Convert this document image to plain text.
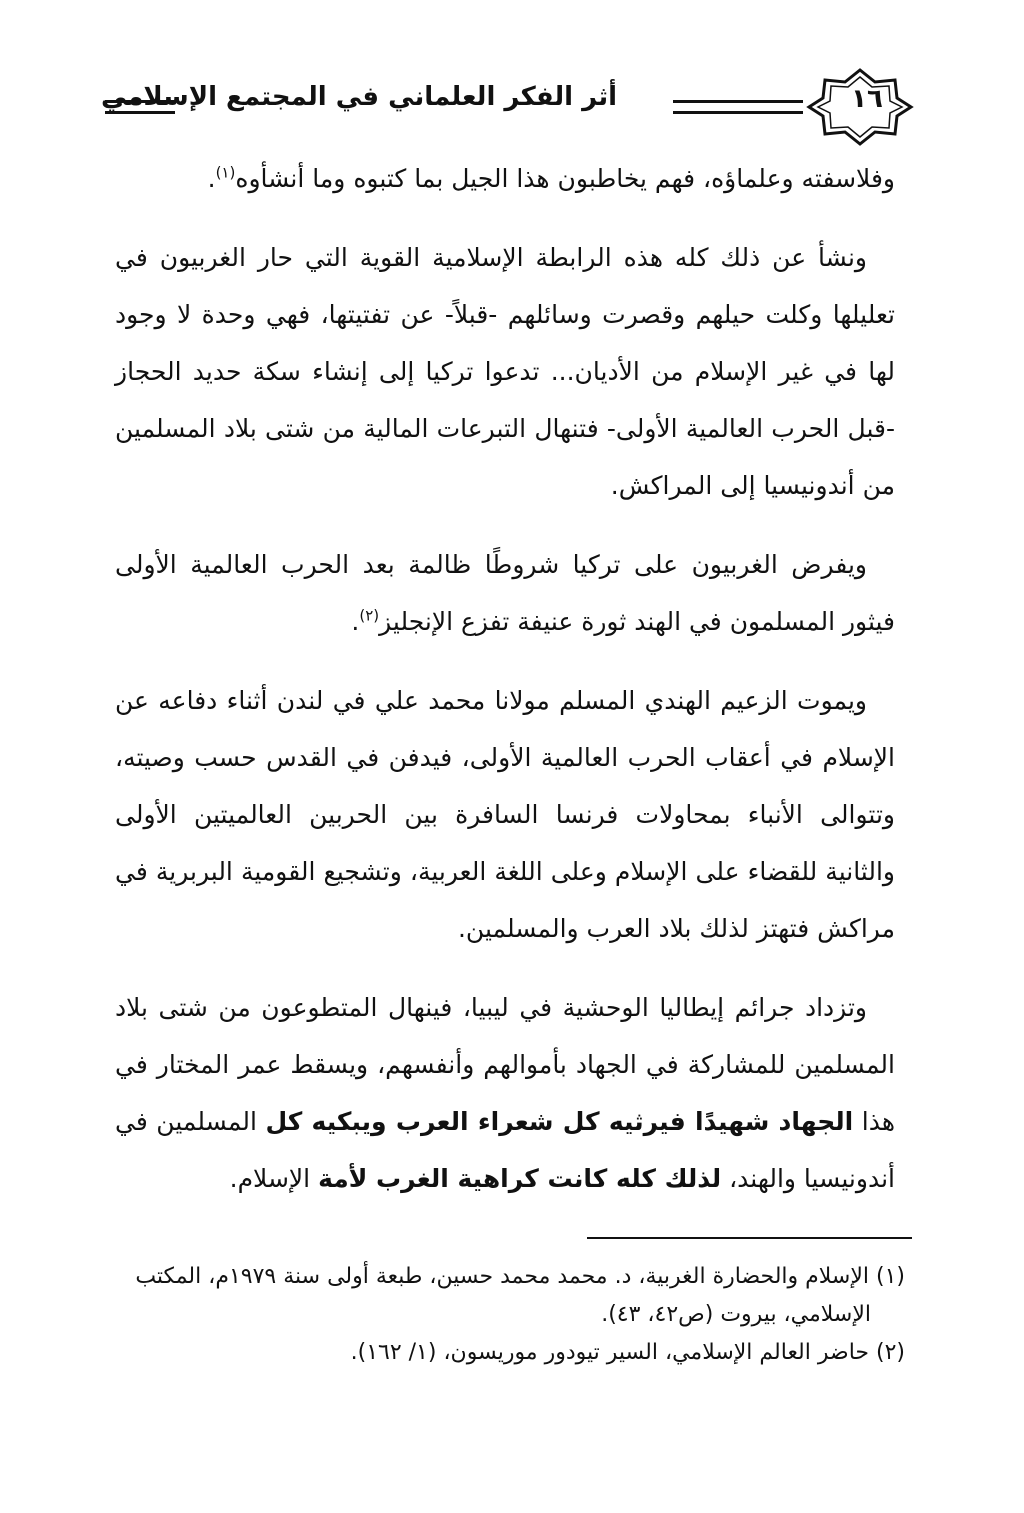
١٦
أثر الفكر العلماني في المجتمع الإسلامي

وفلاسفته وعلماؤه، فهم يخاطبون هذا الجيل بما كتبوه وما أنشأوه$^{(١)}$.

ونشأ عن ذلك كله هذه الرابطة الإسلامية القوية التي حار الغربيون في تعليلها وكلت حيلهم وقصرت وسائلهم -قبلاً- عن تفتيتها، فهي وحدة لا وجود لها في غير الإسلام من الأديان... تدعوا تركيا إلى إنشاء سكة حديد الحجاز -قبل الحرب العالمية الأولى- فتنهال التبرعات المالية من شتى بلاد المسلمين من أندونيسيا إلى المراكش.

ويفرض الغربيون على تركيا شروطًا ظالمة بعد الحرب العالمية الأولى فيثور المسلمون في الهند ثورة عنيفة تفزع الإنجليز$^{(٢)}$.

ويموت الزعيم الهندي المسلم مولانا محمد علي في لندن أثناء دفاعه عن الإسلام في أعقاب الحرب العالمية الأولى، فيدفن في القدس حسب وصيته، وتتوالى الأنباء بمحاولات فرنسا السافرة بين الحربين العالميتين الأولى والثانية للقضاء على الإسلام وعلى اللغة العربية، وتشجيع القومية البربرية في مراكش فتهتز لذلك بلاد العرب والمسلمين.

وتزداد جرائم إيطاليا الوحشية في ليبيا، فينهال المتطوعون من شتى بلاد المسلمين للمشاركة في الجهاد بأموالهم وأنفسهم، ويسقط عمر المختار في هذا الجهاد شهيدًا فيرثيه كل شعراء العرب ويبكيه كل المسلمين في أندونيسيا والهند، لذلك كله كانت كراهية الغرب لأمة الإسلام.

(١) الإسلام والحضارة الغربية، د. محمد محمد حسين، طبعة أولى سنة ١٩٧٩م، المكتب

الإسلامي، بيروت (ص٤٢، ٤٣).

(٢) حاضر العالم الإسلامي، السير تيودور موريسون، (١/ ١٦٢).
